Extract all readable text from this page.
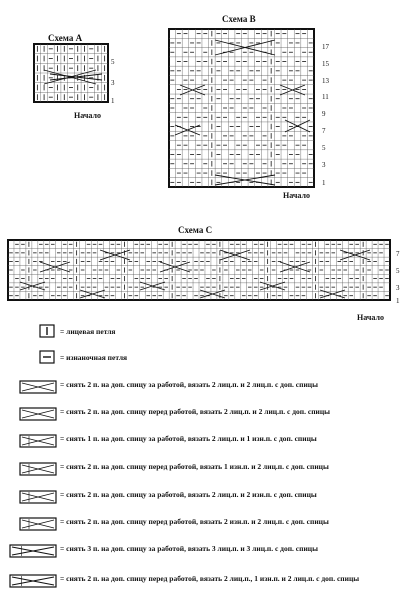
Схема А
5
3
1
Начало
Схема В
Начало
17
15
13
11
9
7
5
3
1
Схема С
Начало
7
5
3
1
= лицевая петля
= изнаночная петля
= снять 2 п. на доп. спицу за работой, вязать 2 лиц.п. и 2 лиц.п. с доп. спицы
= снять 2 п. на доп. спицу перед работой, вязать 2 лиц.п. и 2 лиц.п. с доп. спицы
= снять 1 п. на доп. спицу за работой, вязать 2 лиц.п. и 1 изн.п. с доп. спицы
= снять 2 п. на доп. спицу перед работой, вязать 1 изн.п. и 2 лиц.п. с доп. спицы
= снять 2 п. на доп. спицу за работой, вязать 2 лиц.п. и 2 изн.п. с доп. спицы
= снять 2 п. на доп. спицу перед работой, вязать 2 изн.п. и 2 лиц.п. с доп. спицы
= снять 3 п. на доп. спицу за работой, вязать 3 лиц.п. и 3 лиц.п. с доп. спицы
= снять 2 п. на доп. спицу перед работой, вязать 2 лиц.п., 1 изн.п. и 2 лиц.п. с доп. спицы
